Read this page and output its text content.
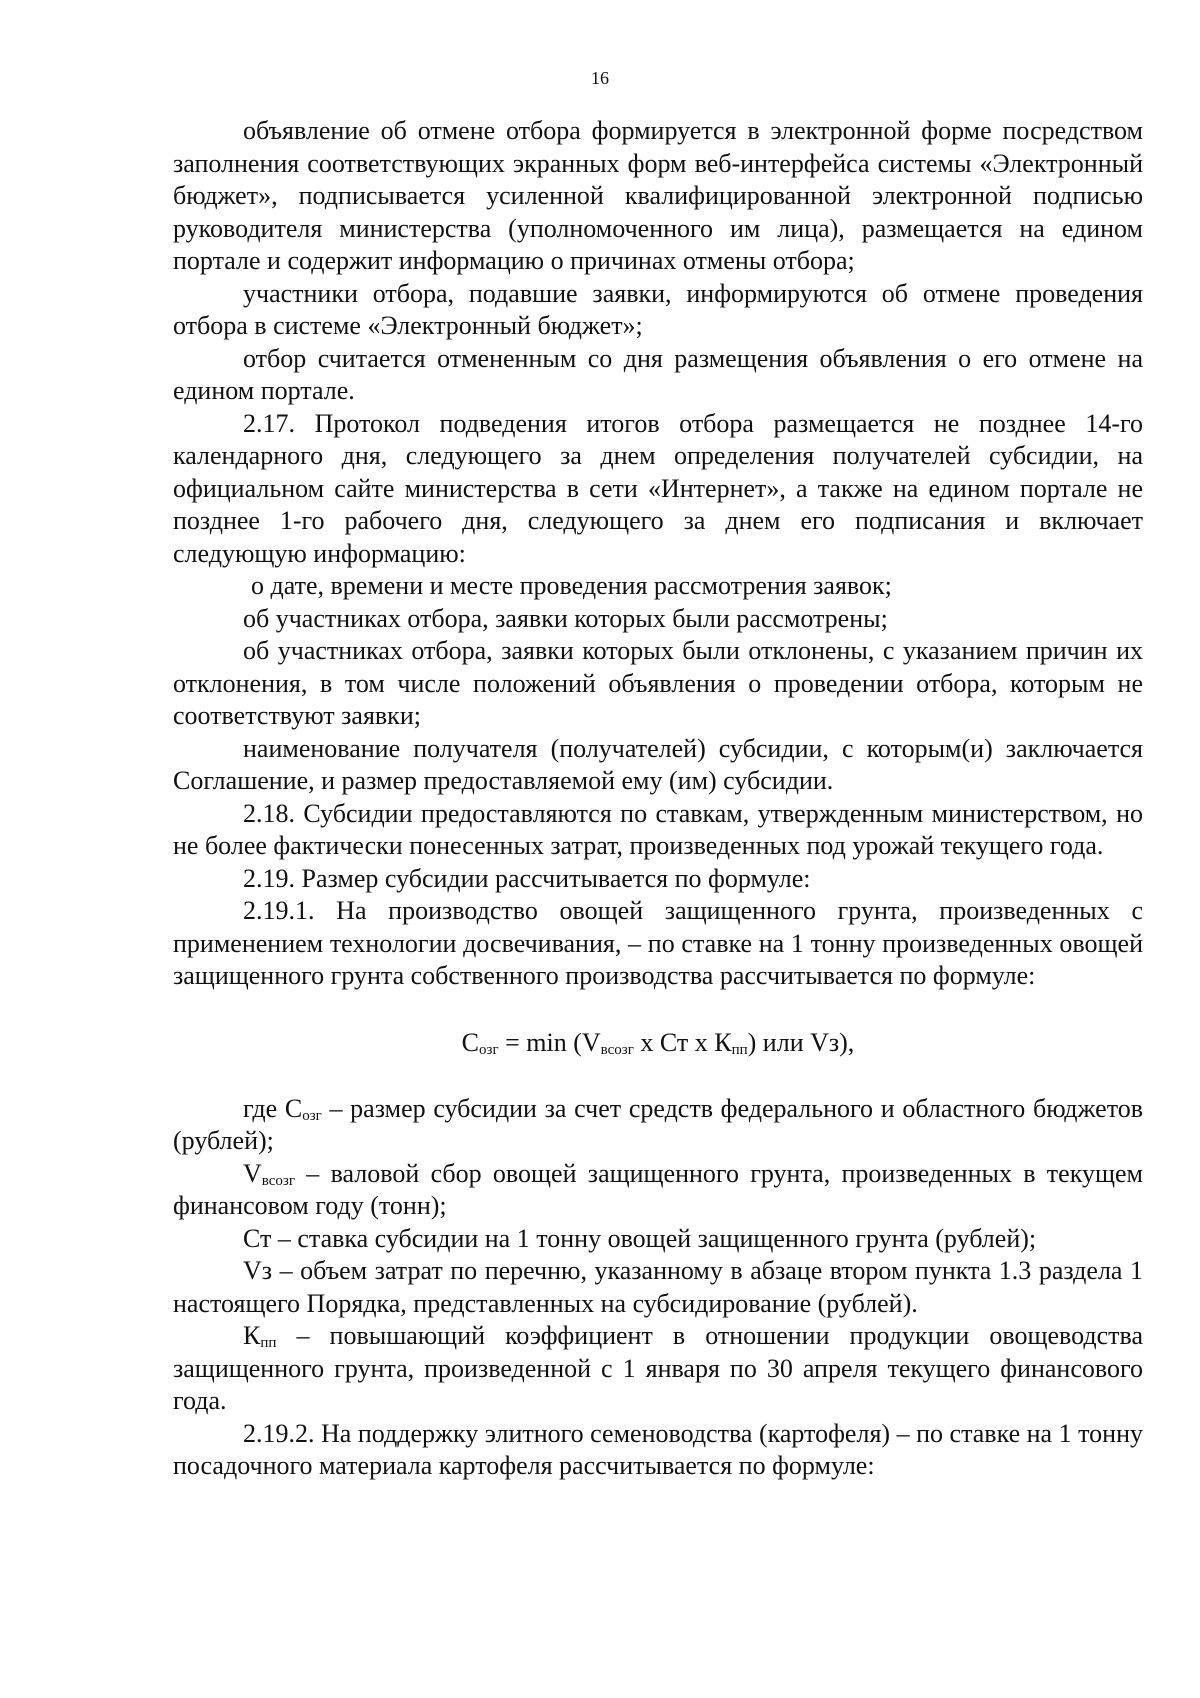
16

объявление об отмене отбора формируется в электронной форме посредством заполнения соответствующих экранных форм веб-интерфейса системы «Электронный бюджет», подписывается усиленной квалифицированной электронной подписью руководителя министерства (уполномоченного им лица), размещается на едином портале и содержит информацию о причинах отмены отбора;

участники отбора, подавшие заявки, информируются об отмене проведения отбора в системе «Электронный бюджет»;

отбор считается отмененным со дня размещения объявления о его отмене на едином портале.

2.17. Протокол подведения итогов отбора размещается не позднее 14-го календарного дня, следующего за днем определения получателей субсидии, на официальном сайте министерства в сети «Интернет», а также на едином портале не позднее 1-го рабочего дня, следующего за днем его подписания и включает следующую информацию:

о дате, времени и месте проведения рассмотрения заявок;

об участниках отбора, заявки которых были рассмотрены;

об участниках отбора, заявки которых были отклонены, с указанием причин их отклонения, в том числе положений объявления о проведении отбора, которым не соответствуют заявки;

наименование получателя (получателей) субсидии, с которым(и) заключается Соглашение, и размер предоставляемой ему (им) субсидии.

2.18. Субсидии предоставляются по ставкам, утвержденным министерством, но не более фактически понесенных затрат, произведенных под урожай текущего года.

2.19. Размер субсидии рассчитывается по формуле:

2.19.1. На производство овощей защищенного грунта, произведенных с применением технологии досвечивания, – по ставке на 1 тонну произведенных овощей защищенного грунта собственного производства рассчитывается по формуле:

$С_{озг} = \min (V_{всозг}$ х Ст х $К_{пп}$) или Vз),

где $С_{озг}$ – размер субсидии за счет средств федерального и областного бюджетов (рублей);

$V_{всозг}$ – валовой сбор овощей защищенного грунта, произведенных в текущем финансовом году (тонн);

Ст – ставка субсидии на 1 тонну овощей защищенного грунта (рублей);

Vз – объем затрат по перечню, указанному в абзаце втором пункта 1.3 раздела 1 настоящего Порядка, представленных на субсидирование (рублей).

$К_{пп}$ – повышающий коэффициент в отношении продукции овощеводства защищенного грунта, произведенной с 1 января по 30 апреля текущего финансового года.

2.19.2. На поддержку элитного семеноводства (картофеля) – по ставке на 1 тонну посадочного материала картофеля рассчитывается по формуле:
